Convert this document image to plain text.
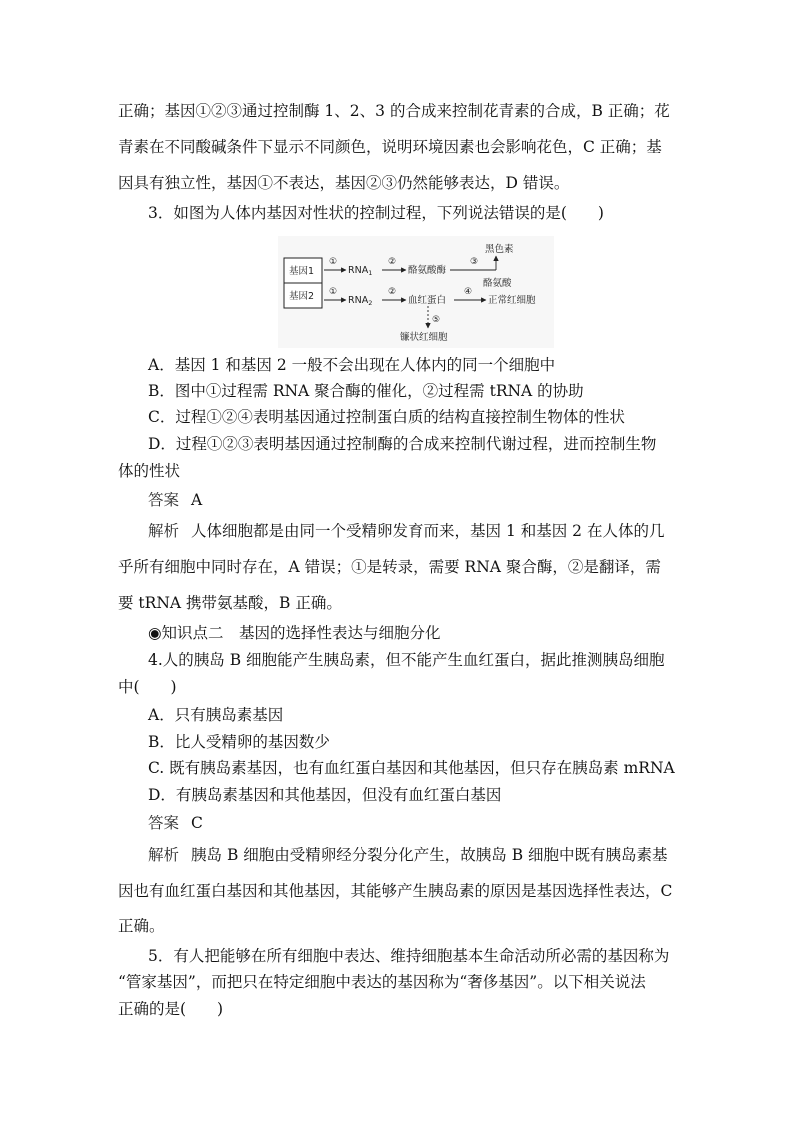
正确；基因①②③通过控制酶 1、2、3 的合成来控制花青素的合成，B 正确；花
青素在不同酸碱条件下显示不同颜色，说明环境因素也会影响花色，C 正确；基
因具有独立性，基因①不表达，基因②③仍然能够表达，D 错误。
3．如图为人体内基因对性状的控制过程，下列说法错误的是(　　)
基因1
基因2
①
$RNA_1$
②
酪氨酸酶
③
黑色素
酪氨酸
①
$RNA_2$
②
血红蛋白
④
正常红细胞
⑤
镰状红细胞
A．基因 1 和基因 2 一般不会出现在人体内的同一个细胞中
B．图中①过程需 RNA 聚合酶的催化，②过程需 tRNA 的协助
C．过程①②④表明基因通过控制蛋白质的结构直接控制生物体的性状
D．过程①②③表明基因通过控制酶的合成来控制代谢过程，进而控制生物
体的性状
答案 A
解析 人体细胞都是由同一个受精卵发育而来，基因 1 和基因 2 在人体的几
乎所有细胞中同时存在，A 错误；①是转录，需要 RNA 聚合酶，②是翻译，需
要 tRNA 携带氨基酸，B 正确。
◉知识点二　基因的选择性表达与细胞分化
4.人的胰岛 B 细胞能产生胰岛素，但不能产生血红蛋白，据此推测胰岛细胞
中(　　)
A．只有胰岛素基因
B．比人受精卵的基因数少
C. 既有胰岛素基因，也有血红蛋白基因和其他基因，但只存在胰岛素 mRNA
D．有胰岛素基因和其他基因，但没有血红蛋白基因
答案 C
解析 胰岛 B 细胞由受精卵经分裂分化产生，故胰岛 B 细胞中既有胰岛素基
因也有血红蛋白基因和其他基因，其能够产生胰岛素的原因是基因选择性表达，C
正确。
5．有人把能够在所有细胞中表达、维持细胞基本生命活动所必需的基因称为
“管家基因”，而把只在特定细胞中表达的基因称为“奢侈基因”。以下相关说法
正确的是(　　)
